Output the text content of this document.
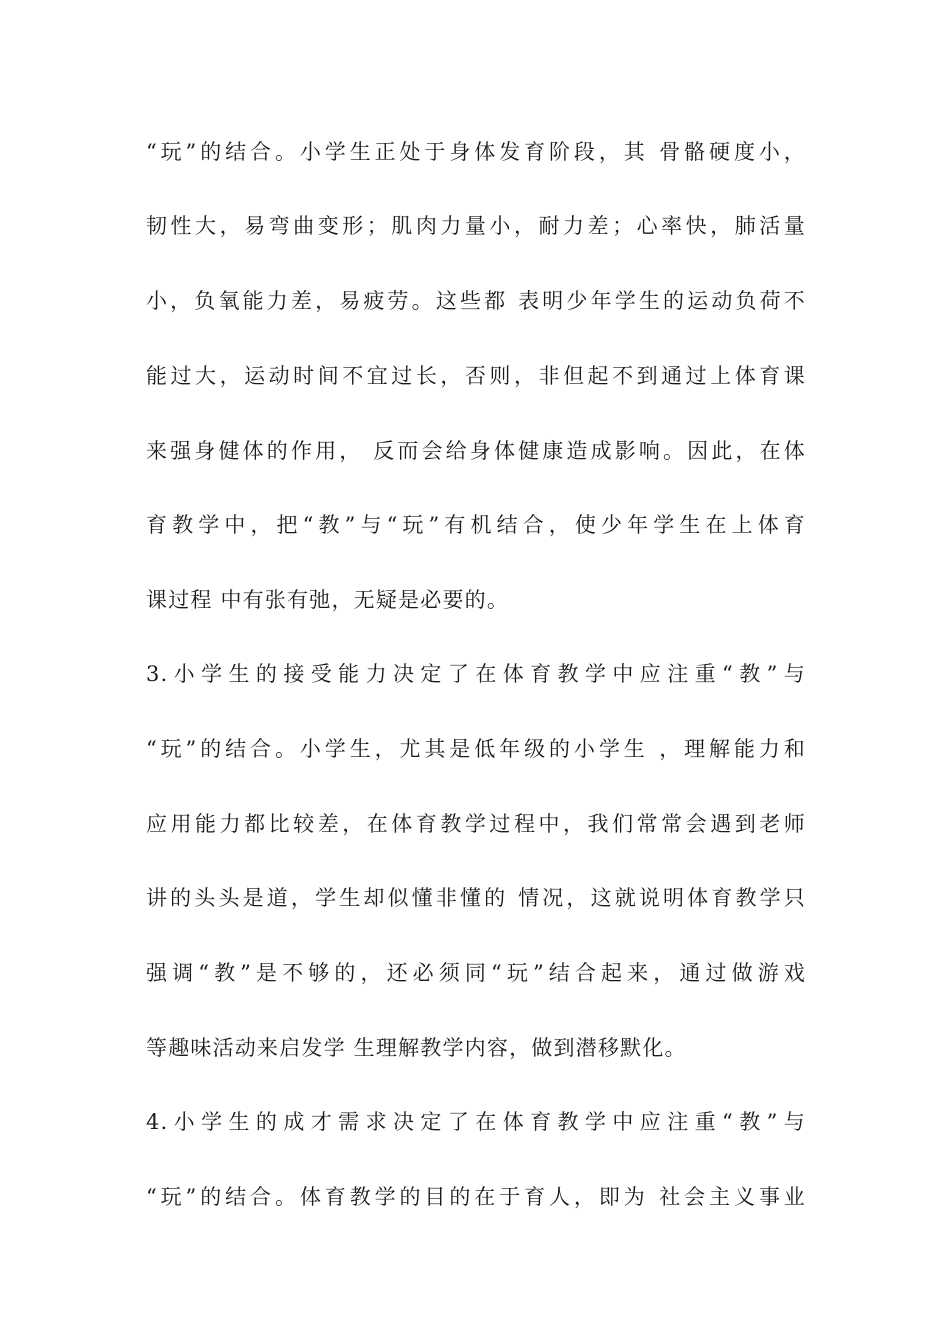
“玩”的结合。小学生正处于身体发育阶段，其 骨骼硬度小，
韧性大，易弯曲变形；肌肉力量小，耐力差；心率快，肺活量
小，负氧能力差，易疲劳。这些都 表明少年学生的运动负荷不
能过大，运动时间不宜过长，否则，非但起不到通过上体育课
来强身健体的作用， 反而会给身体健康造成影响。因此，在体
育教学中，把“教”与“玩”有机结合，使少年学生在上体育
课过程 中有张有弛，无疑是必要的。
3.小学生的接受能力决定了在体育教学中应注重“教”与
“玩”的结合。小学生，尤其是低年级的小学生 ，理解能力和
应用能力都比较差，在体育教学过程中，我们常常会遇到老师
讲的头头是道，学生却似懂非懂的 情况，这就说明体育教学只
强调“教”是不够的，还必须同“玩”结合起来，通过做游戏
等趣味活动来启发学 生理解教学内容，做到潜移默化。
4.小学生的成才需求决定了在体育教学中应注重“教”与
“玩”的结合。体育教学的目的在于育人，即为 社会主义事业
